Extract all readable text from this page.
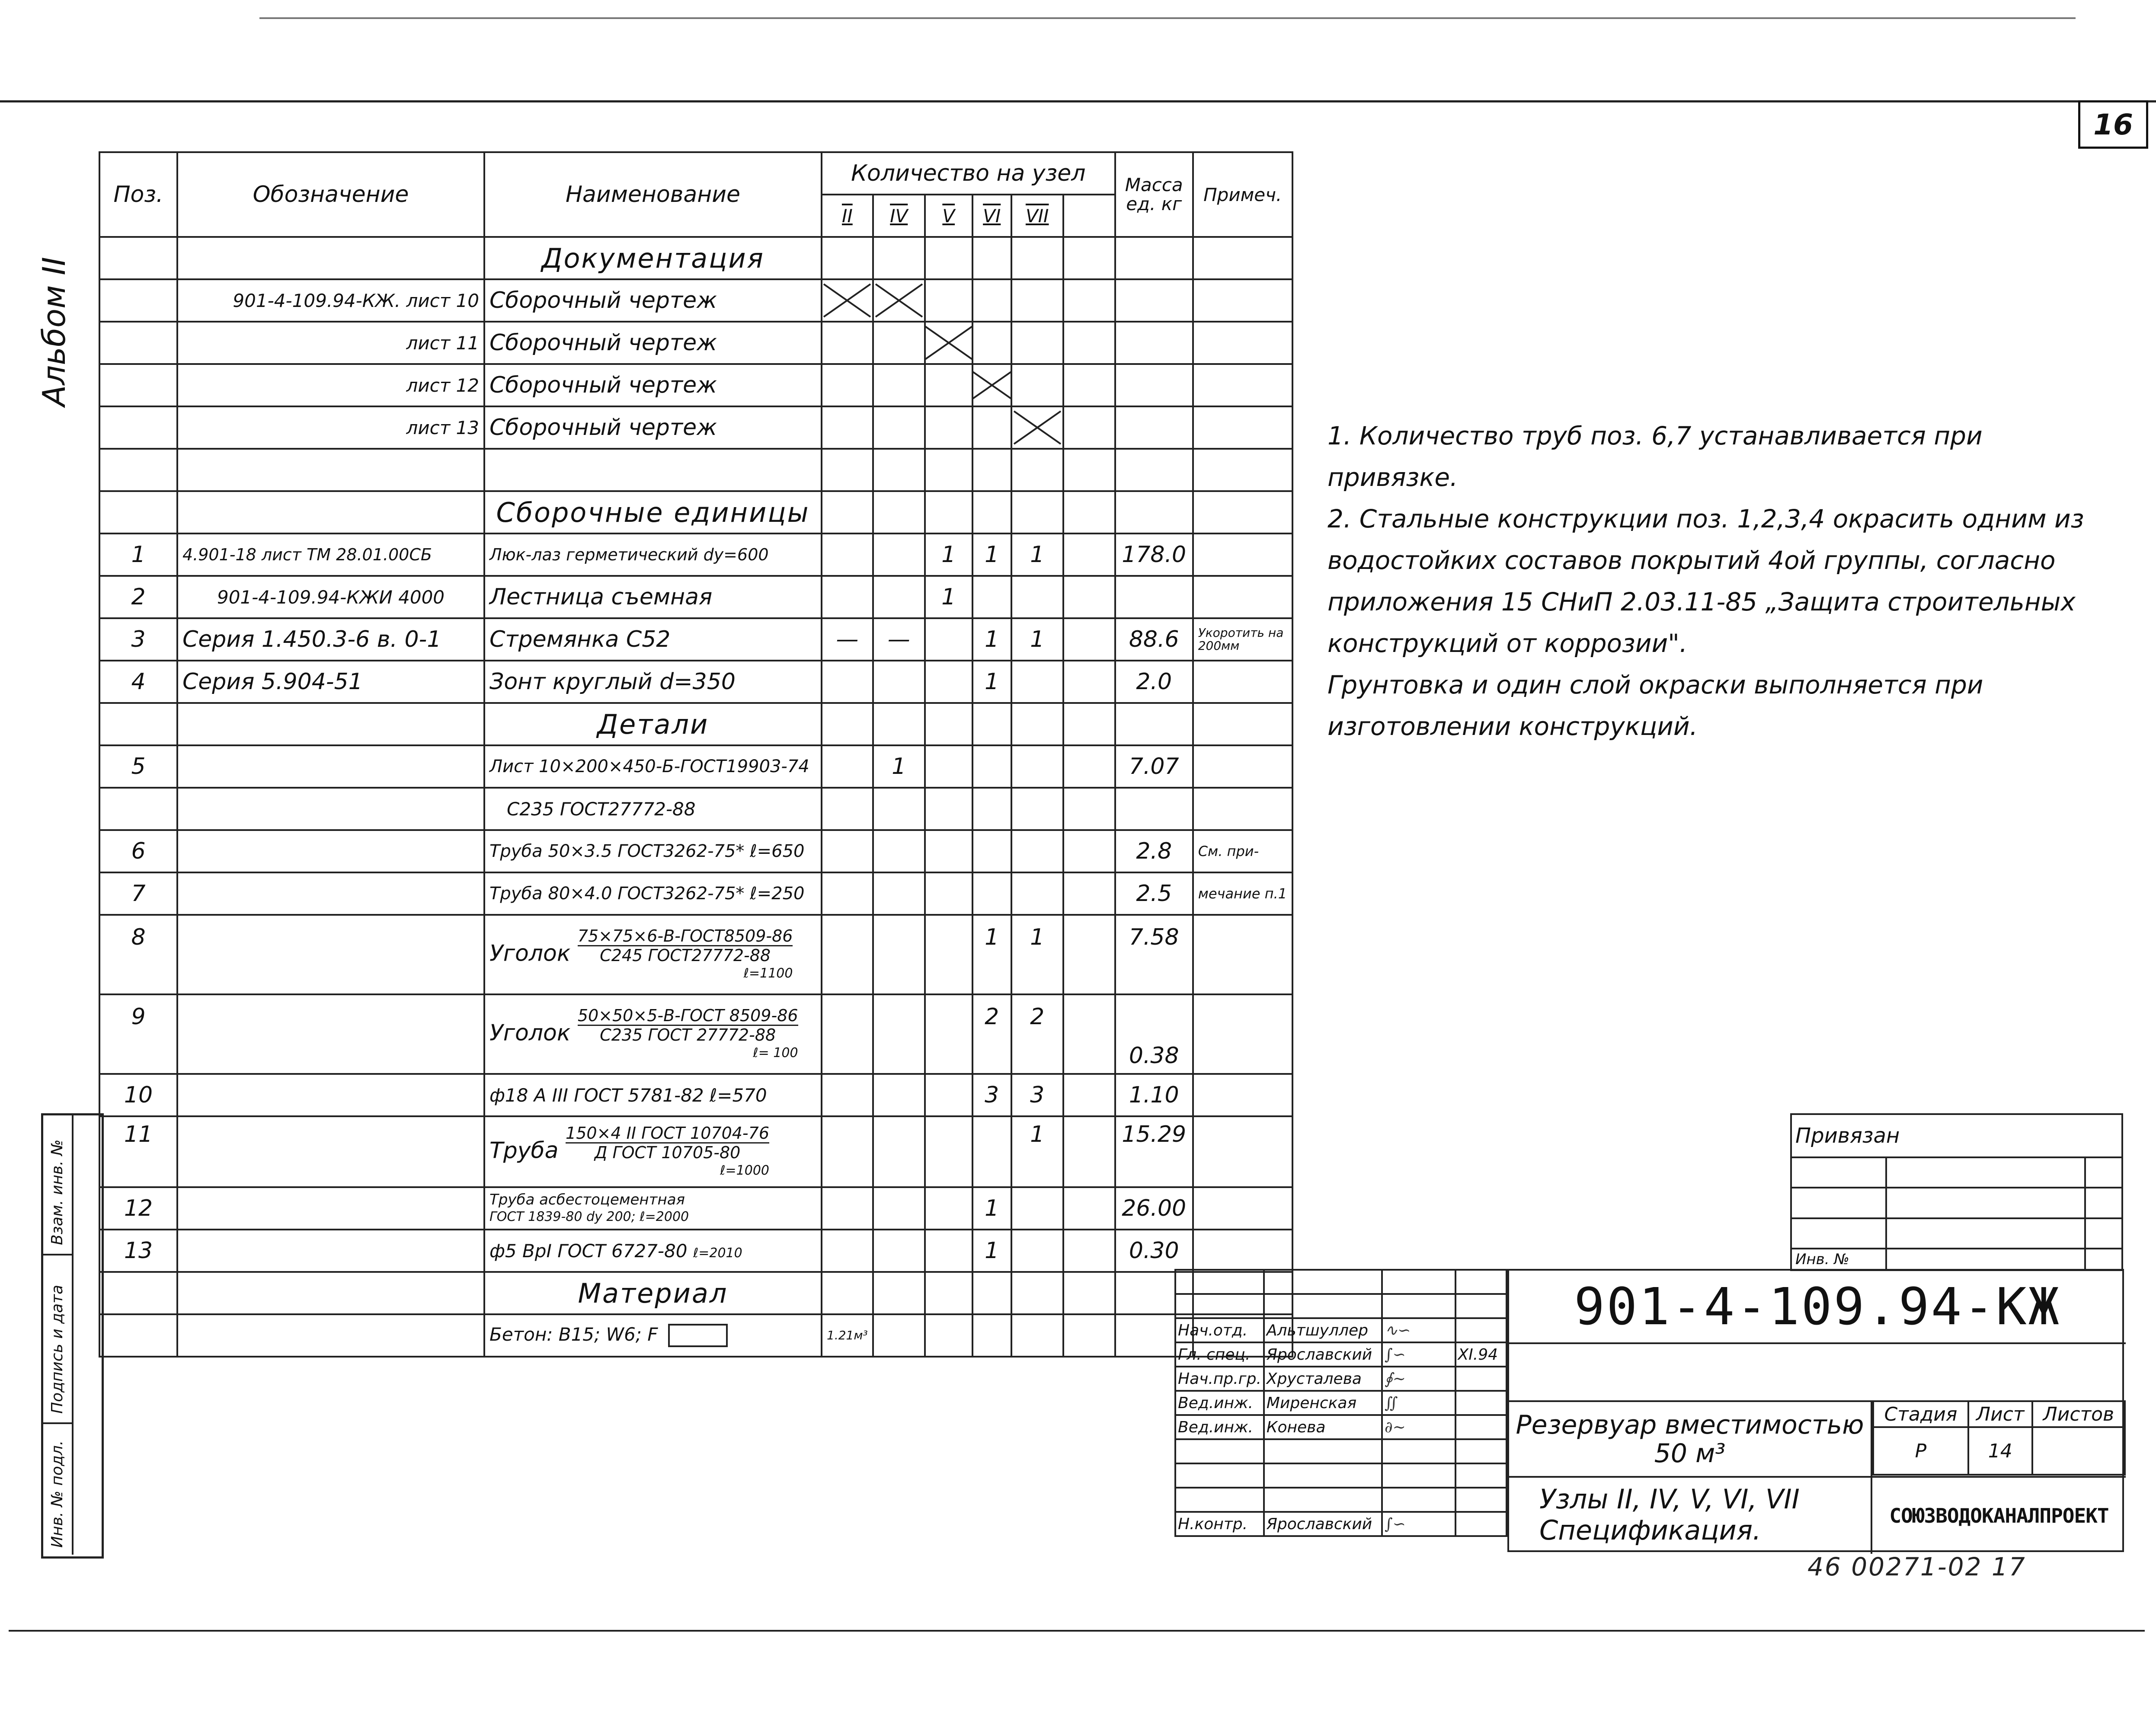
16
Альбом II
Поз.	Обозначение	Наименование	Количество на узел						Масса ед. кг	Примеч.
			II	IV	V	VI	VII			
		Документация								
	901-4-109.94-КЖ. лист 10	Сборочный чертеж								
	лист 11	Сборочный чертеж								
	лист 12	Сборочный чертеж								
	лист 13	Сборочный чертеж								

		Сборочные единицы								
1	4.901-18 лист ТМ 28.01.00СБ	Люк-лаз герметический dу=600			1	1	1		178.0	
2	901-4-109.94-КЖИ 4000	Лестница съемная			1					
3	Серия 1.450.3-6 в. 0-1	Стремянка С52	—	—		1	1		88.6	Укоротить на 200мм
4	Серия 5.904-51	Зонт круглый d=350				1			2.0	
		Детали								
5		Лист 10×200×450-Б-ГОСТ19903-74		1					7.07	
		С235 ГОСТ27772-88								
6		Труба 50×3.5 ГОСТ3262-75* ℓ=650							2.8	См. при-
7		Труба 80×4.0 ГОСТ3262-75* ℓ=250							2.5	мечание п.1
8		Уголок
75×75×6-В-ГОСТ8509-86
С245 ГОСТ27772-88
ℓ=1100				1	1		7.58	
9		Уголок
50×50×5-В-ГОСТ 8509-86
С235 ГОСТ 27772-88
ℓ= 100				2	2		0.38	
10		ф18 А III ГОСТ 5781-82 ℓ=570				3	3		1.10	
11		Труба
150×4 II ГОСТ 10704-76
Д ГОСТ 10705-80
ℓ=1000					1		15.29	
12		Труба асбестоцементная
ГОСТ 1839-80 dу 200; ℓ=2000				1			26.00	
13		ф5 ВрI ГОСТ 6727-80 ℓ=2010				1			0.30	
		Материал								
		Бетон: В15; W6; F	1.21м³							

1. Количество труб поз. 6,7 устанавливается при привязке.

2. Стальные конструкции поз. 1,2,3,4 окрасить одним из водостойких составов покрытий 4ой группы, согласно приложения 15 СНиП 2.03.11-85 „Защита строительных конструкций от коррозии".

Грунтовка и один слой окраски выполняется при изготовлении конструкций.

Взам. инв. №
Подпись и дата
Инв. № подл.
Привязан		

Инв. №		

Нач.отд.	Альтшуллер	∿∽	
Гл. спец.	Ярославский	∫∽	XI.94
Нач.пр.гр.	Хрусталева	∮∼	
Вед.инж.	Миренская	∬	
Вед.инж.	Конева	∂∼	

Н.контр.	Ярославский	∫∽	
901-4-109.94-КЖ
Резервуар вместимостью
50 м³
Стадия	Лист	Листов
Р	14	
Узлы II, IV, V, VI, VII
Спецификация.	СОЮЗВОДОКАНАЛПРОЕКТ
46 00271-02 17
